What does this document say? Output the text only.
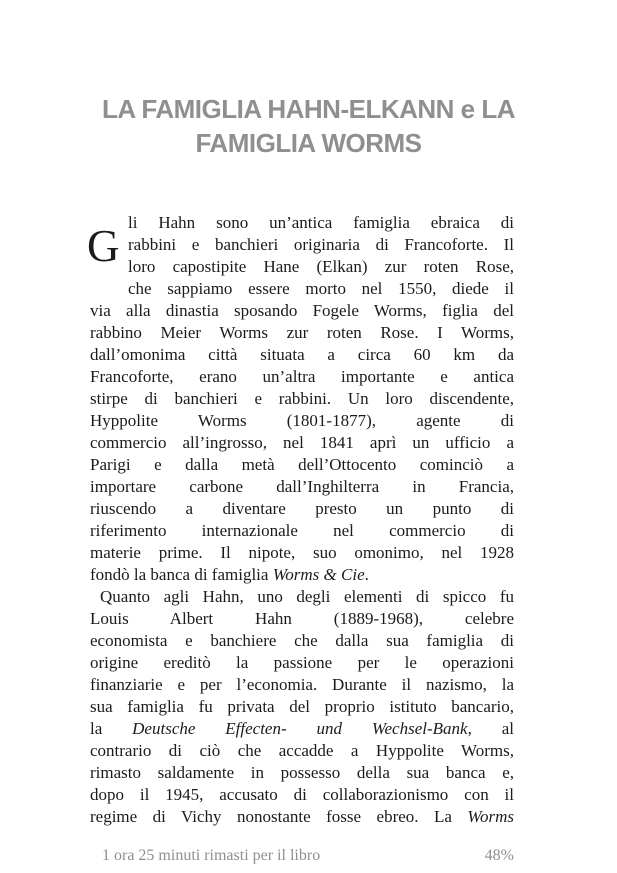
LA FAMIGLIA HAHN-ELKANN e LA
FAMIGLIA WORMS
G li Hahn sono un’antica famiglia ebraica di
rabbini e banchieri originaria di Francoforte. Il
loro capostipite Hane (Elkan) zur roten Rose,
che sappiamo essere morto nel 1550, diede il
via alla dinastia sposando Fogele Worms, figlia del
rabbino Meier Worms zur roten Rose. I Worms,
dall’omonima città situata a circa 60 km da
Francoforte, erano un’altra importante e antica
stirpe di banchieri e rabbini. Un loro discendente,
Hyppolite Worms (1801-1877), agente di
commercio all’ingrosso, nel 1841 aprì un ufficio a
Parigi e dalla metà dell’Ottocento cominciò a
importare carbone dall’Inghilterra in Francia,
riuscendo a diventare presto un punto di
riferimento internazionale nel commercio di
materie prime. Il nipote, suo omonimo, nel 1928
fondò la banca di famiglia Worms & Cie.
Quanto agli Hahn, uno degli elementi di spicco fu
Louis Albert Hahn (1889-1968), celebre
economista e banchiere che dalla sua famiglia di
origine ereditò la passione per le operazioni
finanziarie e per l’economia. Durante il nazismo, la
sua famiglia fu privata del proprio istituto bancario,
la Deutsche Effecten- und Wechsel-Bank, al
contrario di ciò che accadde a Hyppolite Worms,
rimasto saldamente in possesso della sua banca e,
dopo il 1945, accusato di collaborazionismo con il
regime di Vichy nonostante fosse ebreo. La Worms
1 ora 25 minuti rimasti per il libro	48%
